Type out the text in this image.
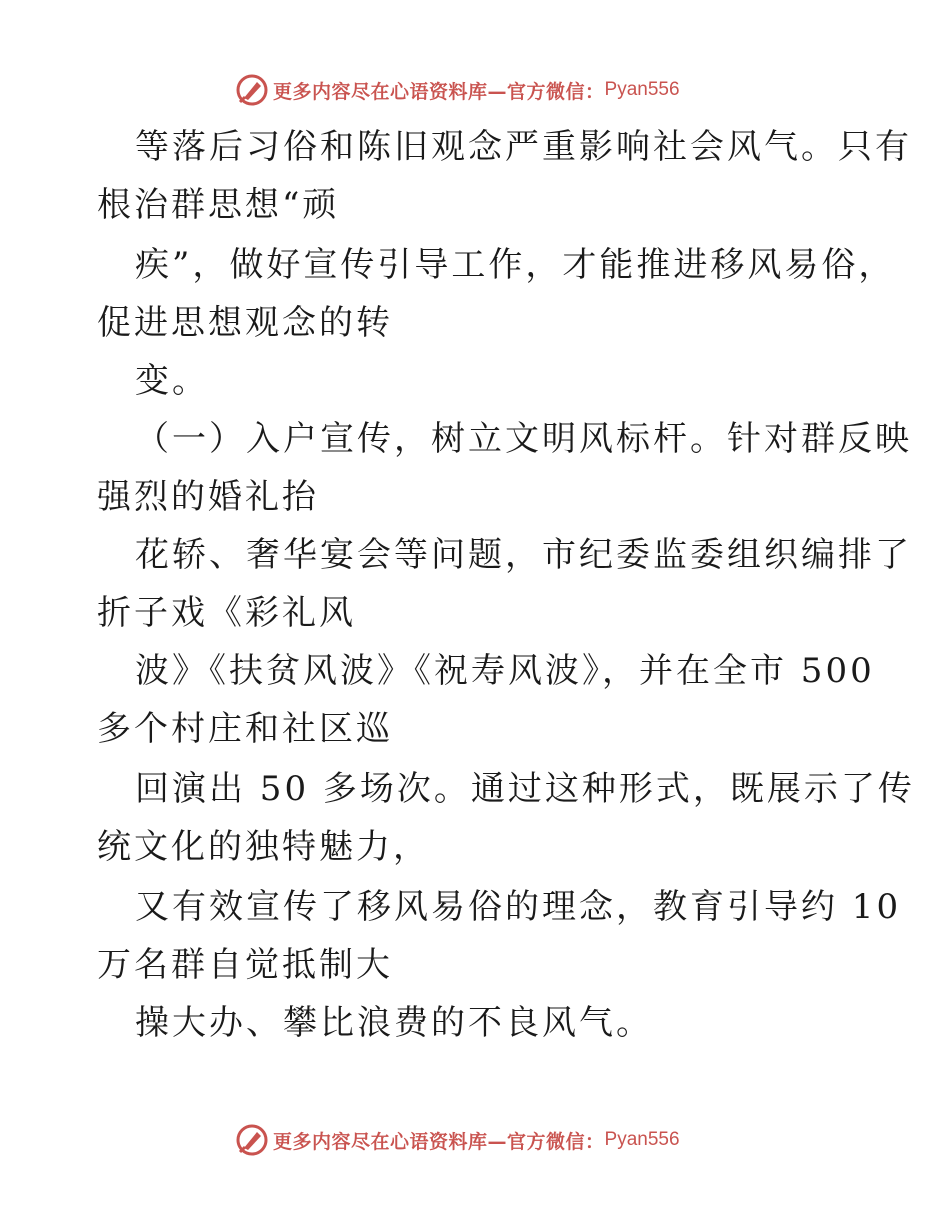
更多内容尽在心语资料库—官方微信： Pyan556
等落后习俗和陈旧观念严重影响社会风气。只有
根治群思想“顽
疾”，做好宣传引导工作，才能推进移风易俗，
促进思想观念的转
变。
（一）入户宣传，树立文明风标杆。针对群反映
强烈的婚礼抬
花轿、奢华宴会等问题，市纪委监委组织编排了
折子戏《彩礼风
波》《扶贫风波》《祝寿风波》，并在全市 500
多个村庄和社区巡
回演出 50 多场次。通过这种形式，既展示了传
统文化的独特魅力，
又有效宣传了移风易俗的理念，教育引导约 10
万名群自觉抵制大
操大办、攀比浪费的不良风气。
更多内容尽在心语资料库—官方微信： Pyan556
